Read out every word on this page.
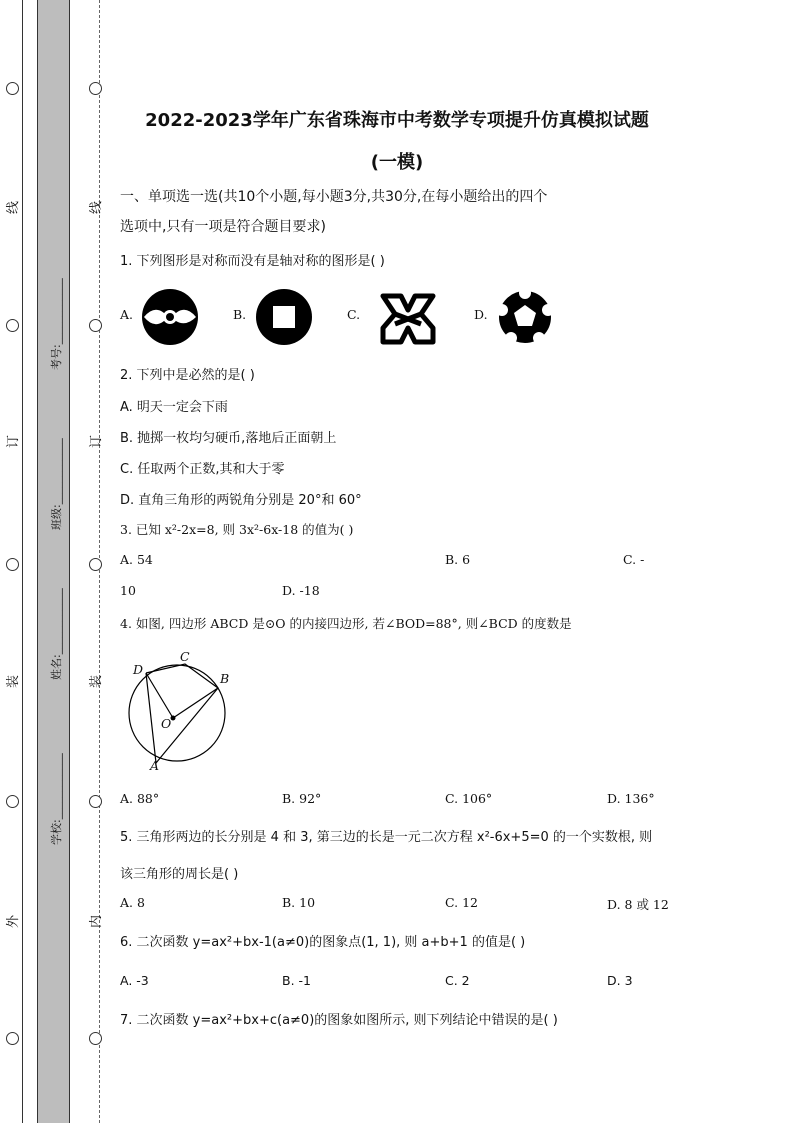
线
订
装
外
线
订
装
内
考号:____________
班级:____________
姓名:____________
学校:____________
2022-2023学年广东省珠海市中考数学专项提升仿真模拟试题
(一模)
一、单项选一选(共10个小题,每小题3分,共30分,在每小题给出的四个
选项中,只有一项是符合题目要求)
1. 下列图形是对称而没有是轴对称的图形是( )
A.	B.	C.	D.
2. 下列中是必然的是( )
A. 明天一定会下雨
B. 抛掷一枚均匀硬币,落地后正面朝上
C. 任取两个正数,其和大于零
D. 直角三角形的两锐角分别是 20°和 60°
3. 已知 x²-2x=8, 则 3x²-6x-18 的值为( )
A. 54	B. 6	C. -
10	D. -18
4. 如图, 四边形 ABCD 是⊙O 的内接四边形, 若∠BOD=88°, 则∠BCD 的度数是
D
C
B
O
A
A. 88°	B. 92°	C. 106°	D. 136°
5. 三角形两边的长分别是 4 和 3, 第三边的长是一元二次方程 x²-6x+5=0 的一个实数根, 则
该三角形的周长是( )
A. 8	B. 10	C. 12	D. 8 或 12
6. 二次函数 y=ax²+bx-1(a≠0)的图象点(1, 1), 则 a+b+1 的值是( )
A. -3	B. -1	C. 2	D. 3
7. 二次函数 y=ax²+bx+c(a≠0)的图象如图所示, 则下列结论中错误的是( )
